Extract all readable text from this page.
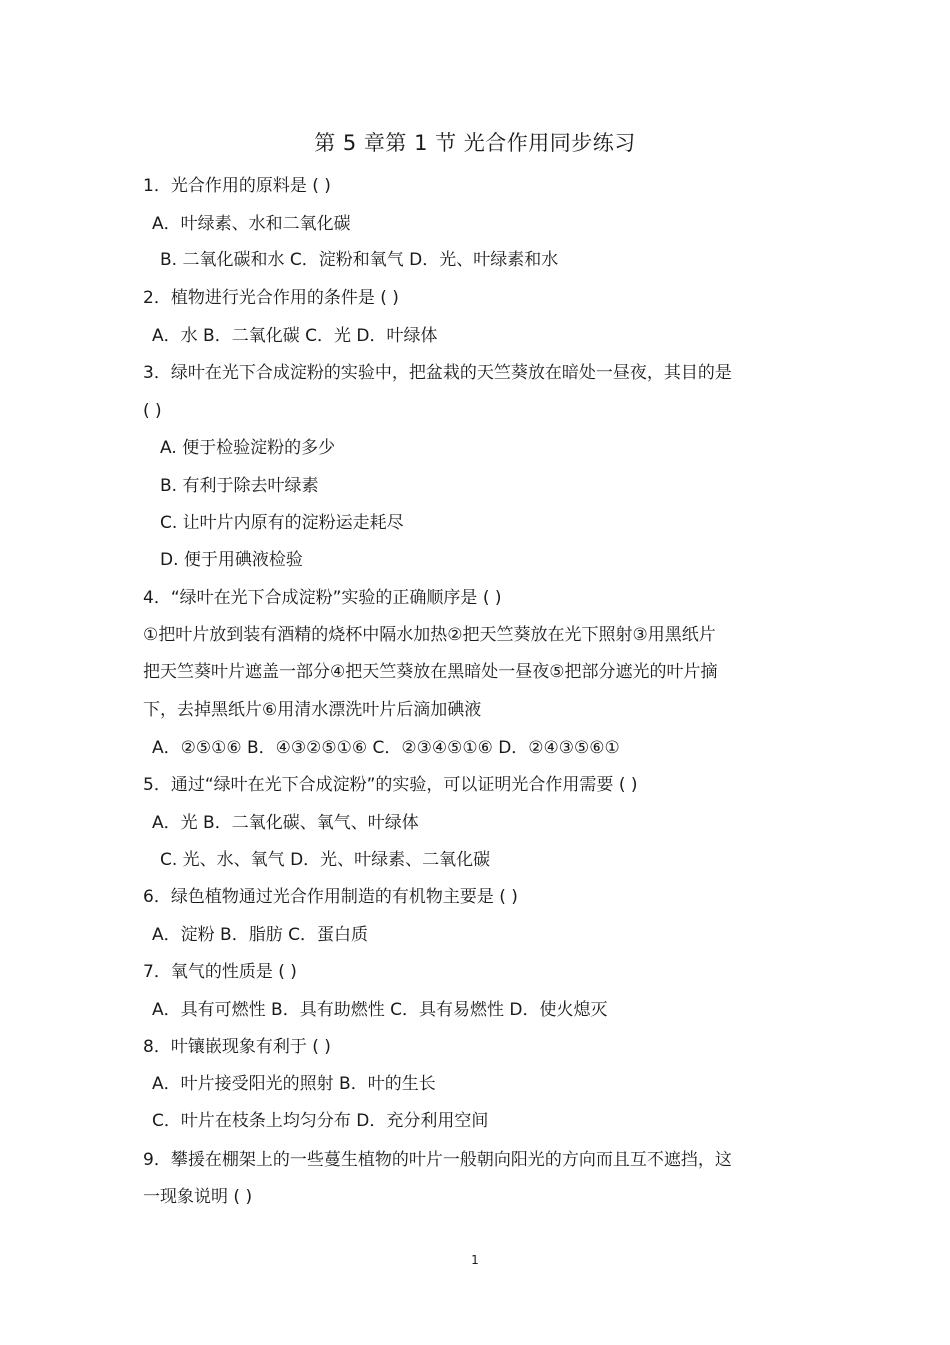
第 5 章第 1 节 光合作用同步练习
1．光合作用的原料是 ( )
A．叶绿素、水和二氧化碳
B. 二氧化碳和水 C．淀粉和氧气 D．光、叶绿素和水
2．植物进行光合作用的条件是 ( )
A．水 B．二氧化碳 C．光 D．叶绿体
3．绿叶在光下合成淀粉的实验中，把盆栽的天竺葵放在暗处一昼夜，其目的是
( )
A. 便于检验淀粉的多少
B. 有利于除去叶绿素
C. 让叶片内原有的淀粉运走耗尽
D. 便于用碘液检验
4．“绿叶在光下合成淀粉”实验的正确顺序是 ( )
①把叶片放到装有酒精的烧杯中隔水加热②把天竺葵放在光下照射③用黑纸片
把天竺葵叶片遮盖一部分④把天竺葵放在黑暗处一昼夜⑤把部分遮光的叶片摘
下，去掉黑纸片⑥用清水漂洗叶片后滴加碘液
A．②⑤①⑥ B．④③②⑤①⑥ C．②③④⑤①⑥ D．②④③⑤⑥①
5．通过“绿叶在光下合成淀粉”的实验，可以证明光合作用需要 ( )
A．光 B．二氧化碳、氧气、叶绿体
C. 光、水、氧气 D．光、叶绿素、二氧化碳
6．绿色植物通过光合作用制造的有机物主要是 ( )
A．淀粉 B．脂肪 C．蛋白质
7．氧气的性质是 ( )
A．具有可燃性 B．具有助燃性 C．具有易燃性 D．使火熄灭
8．叶镶嵌现象有利于 ( )
A．叶片接受阳光的照射 B．叶的生长
C．叶片在枝条上均匀分布 D．充分利用空间
9．攀援在棚架上的一些蔓生植物的叶片一般朝向阳光的方向而且互不遮挡，这
一现象说明 ( )
1
